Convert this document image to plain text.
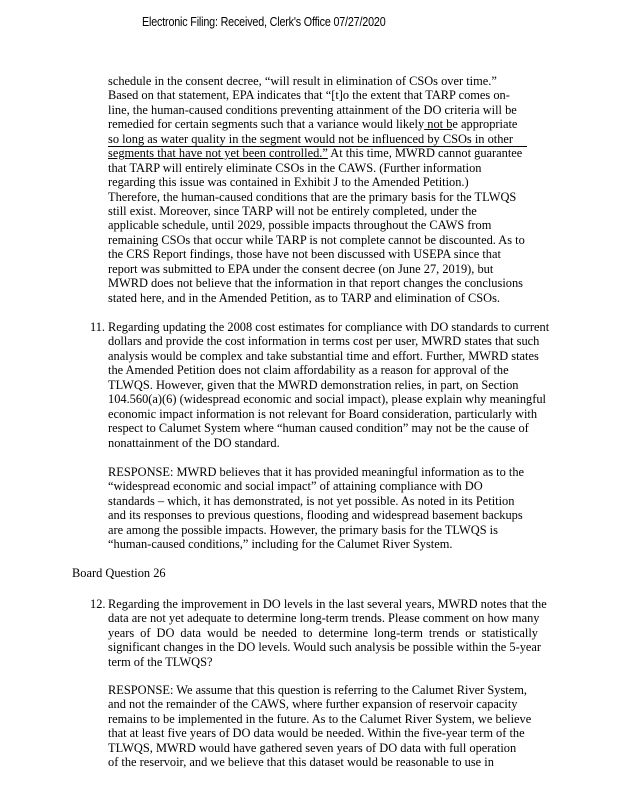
Electronic Filing: Received, Clerk's Office 07/27/2020
schedule in the consent decree, “will result in elimination of CSOs over time.”
Based on that statement, EPA indicates that “[t]o the extent that TARP comes on-
line, the human-caused conditions preventing attainment of the DO criteria will be
remedied for certain segments such that a variance would likely not be appropriate
so long as water quality in the segment would not be influenced by CSOs in other
segments that have not yet been controlled.” At this time, MWRD cannot guarantee
that TARP will entirely eliminate CSOs in the CAWS. (Further information
regarding this issue was contained in Exhibit J to the Amended Petition.)
Therefore, the human-caused conditions that are the primary basis for the TLWQS
still exist. Moreover, since TARP will not be entirely completed, under the
applicable schedule, until 2029, possible impacts throughout the CAWS from
remaining CSOs that occur while TARP is not complete cannot be discounted. As to
the CRS Report findings, those have not been discussed with USEPA since that
report was submitted to EPA under the consent decree (on June 27, 2019), but
MWRD does not believe that the information in that report changes the conclusions
stated here, and in the Amended Petition, as to TARP and elimination of CSOs.
11. Regarding updating the 2008 cost estimates for compliance with DO standards to current
dollars and provide the cost information in terms cost per user, MWRD states that such
analysis would be complex and take substantial time and effort. Further, MWRD states
the Amended Petition does not claim affordability as a reason for approval of the
TLWQS. However, given that the MWRD demonstration relies, in part, on Section
104.560(a)(6) (widespread economic and social impact), please explain why meaningful
economic impact information is not relevant for Board consideration, particularly with
respect to Calumet System where “human caused condition” may not be the cause of
nonattainment of the DO standard.
RESPONSE: MWRD believes that it has provided meaningful information as to the
“widespread economic and social impact” of attaining compliance with DO
standards – which, it has demonstrated, is not yet possible. As noted in its Petition
and its responses to previous questions, flooding and widespread basement backups
are among the possible impacts. However, the primary basis for the TLWQS is
“human-caused conditions,” including for the Calumet River System.
Board Question 26
12. Regarding the improvement in DO levels in the last several years, MWRD notes that the
data are not yet adequate to determine long-term trends. Please comment on how many
years of DO data would be needed to determine long-term trends or statistically
significant changes in the DO levels. Would such analysis be possible within the 5-year
term of the TLWQS?
RESPONSE: We assume that this question is referring to the Calumet River System,
and not the remainder of the CAWS, where further expansion of reservoir capacity
remains to be implemented in the future. As to the Calumet River System, we believe
that at least five years of DO data would be needed. Within the five-year term of the
TLWQS, MWRD would have gathered seven years of DO data with full operation
of the reservoir, and we believe that this dataset would be reasonable to use in
